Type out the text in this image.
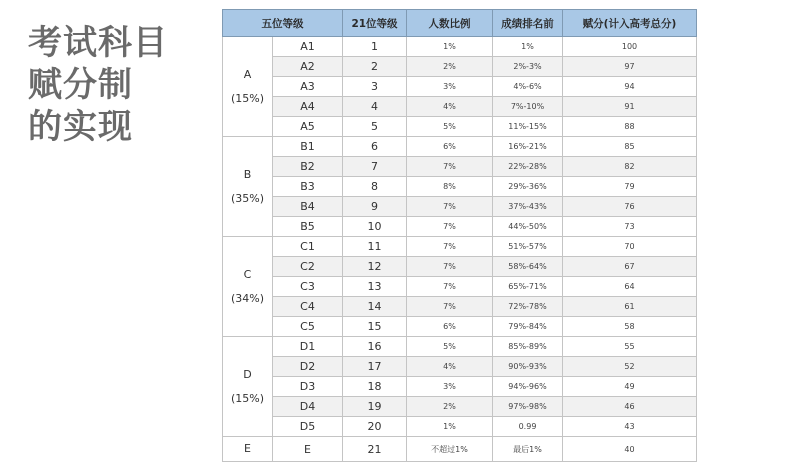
考试科目
赋分制
的实现
五位等级		21位等级	人数比例	成绩排名前	赋分(计入高考总分)

A
(15%)	A1	1	1%	1%	100
	A2	2	2%	2%-3%	97
	A3	3	3%	4%-6%	94
	A4	4	4%	7%-10%	91
	A5	5	5%	11%-15%	88

B
(35%)	B1	6	6%	16%-21%	85
	B2	7	7%	22%-28%	82
	B3	8	8%	29%-36%	79
	B4	9	7%	37%-43%	76
	B5	10	7%	44%-50%	73

C
(34%)	C1	11	7%	51%-57%	70
	C2	12	7%	58%-64%	67
	C3	13	7%	65%-71%	64
	C4	14	7%	72%-78%	61
	C5	15	6%	79%-84%	58

D
(15%)	D1	16	5%	85%-89%	55
	D2	17	4%	90%-93%	52
	D3	18	3%	94%-96%	49
	D4	19	2%	97%-98%	46
	D5	20	1%	0.99	43

E	E	21	不超过1%	最后1%	40
